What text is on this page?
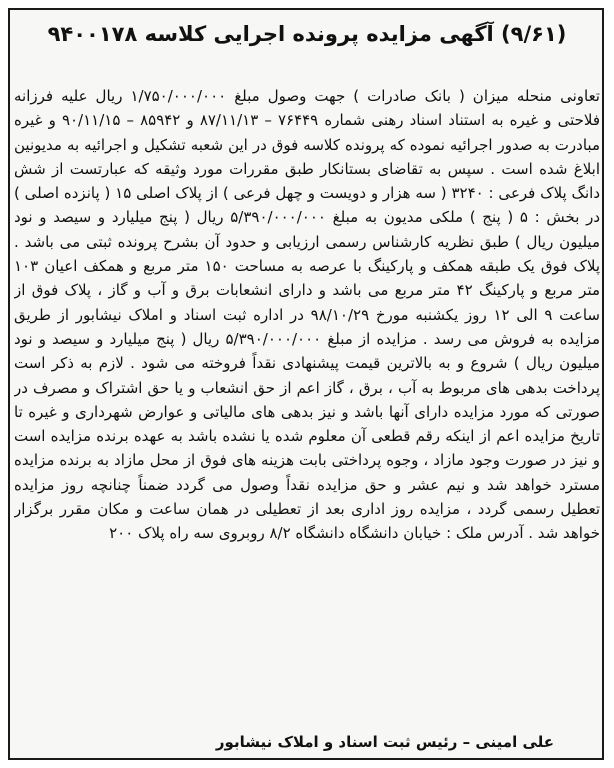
(۹/۶۱) آگهی مزایده پرونده اجرایی کلاسه ۹۴۰۰۱۷۸
تعاونی منحله میزان ( بانک صادرات ) جهت وصول مبلغ ۱/۷۵۰/۰۰۰/۰۰۰ ریال علیه فرزانه فلاحتی و غیره به استناد اسناد رهنی شماره ۷۶۴۴۹ – ۸۷/۱۱/۱۳ و ۸۵۹۴۲ – ۹۰/۱۱/۱۵ و غیره مبادرت به صدور اجرائیه نموده که پرونده کلاسه فوق در این شعبه تشکیل و اجرائیه به مدیونین ابلاغ شده است . سپس به تقاضای بستانکار طبق مقررات مورد وثیقه که عبارتست از شش دانگ پلاک فرعی : ۳۲۴۰ ( سه هزار و دویست و چهل فرعی ) از پلاک اصلی ۱۵ ( پانزده اصلی ) در بخش : ۵ ( پنج ) ملکی مدیون به مبلغ ۵/۳۹۰/۰۰۰/۰۰۰ ریال ( پنج میلیارد و سیصد و نود میلیون ریال ) طبق نظریه کارشناس رسمی ارزیابی و حدود آن بشرح پرونده ثبتی می باشد . پلاک فوق یک طبقه همکف و پارکینگ با عرصه به مساحت ۱۵۰ متر مربع و همکف اعیان ۱۰۳ متر مربع و پارکینگ ۴۲ متر مربع می باشد و دارای انشعابات برق و آب و گاز ، پلاک فوق از ساعت ۹ الی ۱۲ روز یکشنبه مورخ ۹۸/۱۰/۲۹ در اداره ثبت اسناد و املاک نیشابور از طریق مزایده به فروش می رسد . مزایده از مبلغ ۵/۳۹۰/۰۰۰/۰۰۰ ریال ( پنج میلیارد و سیصد و نود میلیون ریال ) شروع و به بالاترین قیمت پیشنهادی نقداً فروخته می شود . لازم به ذکر است پرداخت بدهی های مربوط به آب ، برق ، گاز اعم از حق انشعاب و یا حق اشتراک و مصرف در صورتی که مورد مزایده دارای آنها باشد و نیز بدهی های مالیاتی و عوارض شهرداری و غیره تا تاریخ مزایده اعم از اینکه رقم قطعی آن معلوم شده یا نشده باشد به عهده برنده مزایده است و نیز در صورت وجود مازاد ، وجوه پرداختی بابت هزینه های فوق از محل مازاد به برنده مزایده مسترد خواهد شد و نیم عشر و حق مزایده نقداً وصول می گردد ضمناً چنانچه روز مزایده تعطیل رسمی گردد ، مزایده روز اداری بعد از تعطیلی در همان ساعت و مکان مقرر برگزار خواهد شد . آدرس ملک : خیابان دانشگاه دانشگاه ۸/۲ روبروی سه راه پلاک ۲۰۰
علی امینی – رئیس ثبت اسناد و املاک نیشابور
